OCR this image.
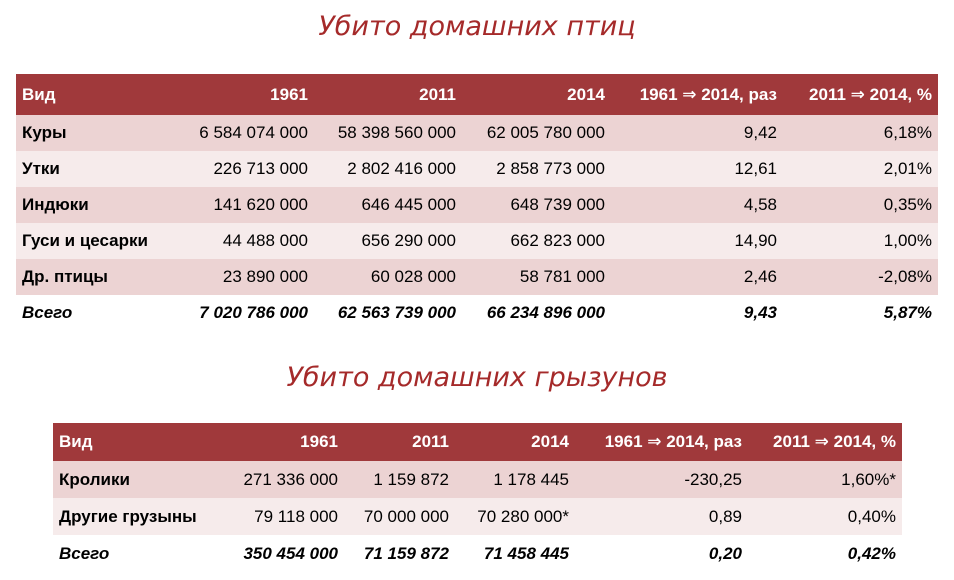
Убито домашних птиц
Вид	1961	2011	2014	1961 ⇒ 2014, раз	2011 ⇒ 2014, %
Куры	6 584 074 000	58 398 560 000	62 005 780 000	9,42	6,18%
Утки	226 713 000	2 802 416 000	2 858 773 000	12,61	2,01%
Индюки	141 620 000	646 445 000	648 739 000	4,58	0,35%
Гуси и цесарки	44 488 000	656 290 000	662 823 000	14,90	1,00%
Др. птицы	23 890 000	60 028 000	58 781 000	2,46	-2,08%
Всего	7 020 786 000	62 563 739 000	66 234 896 000	9,43	5,87%
Убито домашних грызунов
Вид	1961	2011	2014	1961 ⇒ 2014, раз	2011 ⇒ 2014, %
Кролики	271 336 000	1 159 872	1 178 445	-230,25	1,60%*
Другие грузыны	79 118 000	70 000 000	70 280 000*	0,89	0,40%
Всего	350 454 000	71 159 872	71 458 445	0,20	0,42%
